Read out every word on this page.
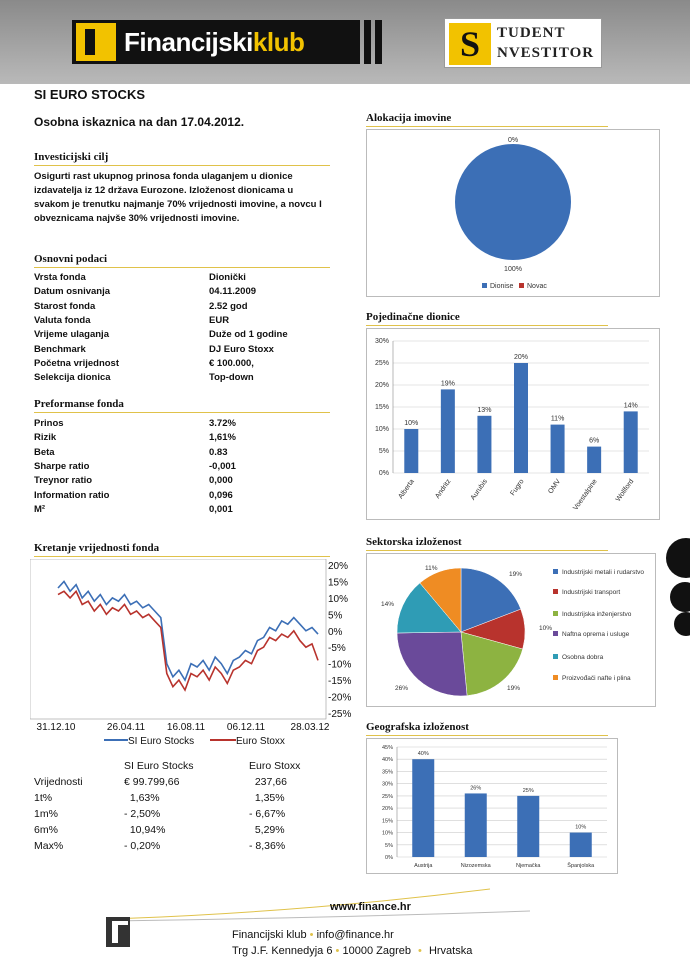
Financijskiklub	S	TUDENT
NVESTITOR
SI EURO STOCKS
Osobna iskaznica na dan 17.04.2012.
Investicijski cilj
Osigurti rast ukupnog prinosa fonda ulaganjem u dionice izdavatelja iz 12 država Eurozone. Izloženost dionicama u svakom je trenutku najmanje 70% vrijednosti imovine, a novcu I obveznicama najvše 30% vrijednosti imovine.
Osnovni podaci
Vrsta fonda	Dionički
Datum osnivanja	04.11.2009
Starost fonda	2.52 god
Valuta fonda	EUR
Vrijeme ulaganja	Duže od 1 godine
Benchmark	DJ Euro Stoxx
Početna vrijednost	€ 100.000,
Selekcija dionica	Top-down
Preformanse fonda
Prinos	3.72%
Rizik	1,61%
Beta	0.83
Sharpe ratio	-0,001
Treynor ratio	0,000
Information ratio	0,096
M²	0,001
Kretanje vrijednosti fonda
20%
15%
10%
5%
0%
-5%
-10%
-15%
-20%
-25%
31.12.10	26.04.11 16.08.11 06.12.11	28.03.12
SI Euro Stocks	Euro Stoxx
SI Euro Stocks	Euro Stoxx
Vrijednosti	€ 99.799,66	237,66
1t%	1,63%	1,35%
1m%	- 2,50%	- 6,67%
6m%	10,94%	5,29%
Max%	- 0,20%	- 8,36%
Alokacija imovine
0%
100%
Dionise Novac
Pojedinačne dionice
0%
5%
10%
15%
20%
25%
30%
10%
Alberta
19%
Andritz
13%
Aurubis
20%
Fugro
11%
OMV
6%
Voestalpine
14%
Wollford
Sektorska izloženost
19%
10%
19%
26%
14%
11%
Industrijski metali i rudarstvo
Industrijski transport
Industrijska inženjerstvo
Naftna oprema i usluge
Osobna dobra
Proizvođači nafte i plina
Geografska izloženost
0%
5%
10%
15%
20%
25%
30%
35%
40%
45%
40%
Austrija
26%
Nizozemska
25%
Njemačka
10%
Španjolska
www.finance.hr
Financijski klub • info@finance.hr
Trg J.F. Kennedyja 6 • 10000 Zagreb • Hrvatska
